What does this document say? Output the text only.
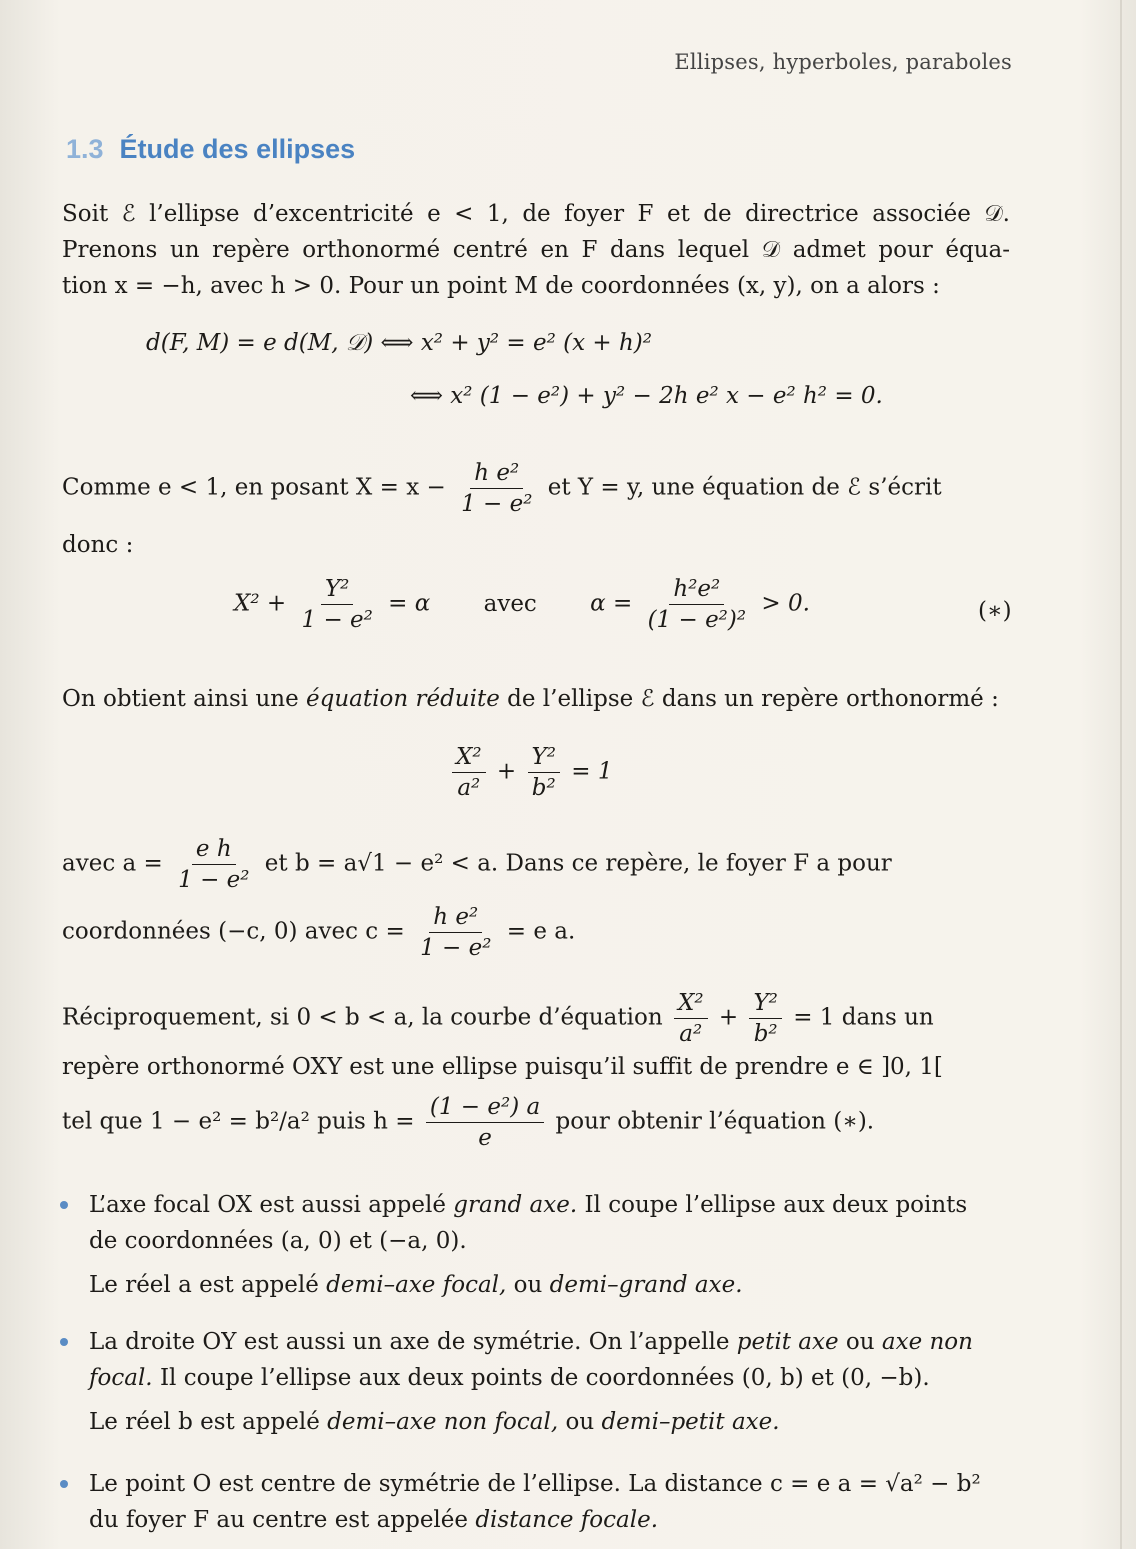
Ellipses, hyperboles, paraboles
1.3 Étude des ellipses
Soit ℰ l’ellipse d’excentricité e < 1, de foyer F et de directrice associée 𝒟.
Prenons un repère orthonormé centré en F dans lequel 𝒟 admet pour équa-
tion x = −h, avec h > 0. Pour un point M de coordonnées (x, y), on a alors :
d(F, M) = e d(M, 𝒟) ⟺ x² + y² = e² (x + h)²
⟺ x² (1 − e²) + y² − 2h e² x − e² h² = 0.
Comme e < 1, en posant $X = x - \frac{\text{h e²}}{\text{1 − e²}}$ et Y = y, une équation de ℰ s’écrit
donc :
$X^2 + \frac{\text{Y²}}{\text{1 − e²}} = \alpha$ avec $\alpha = \frac{\text{h²e²}}{\text{(1 − e²)²}} > 0$.	(∗)
On obtient ainsi une équation réduite de l’ellipse ℰ dans un repère orthonormé :
$\frac{\text{X²}}{\text{a²}} + \frac{\text{Y²}}{\text{b²}} = 1$
avec $a = \frac{\text{e h}}{\text{1 − e²}}$ et b = a√1 − e² < a. Dans ce repère, le foyer F a pour
coordonnées (−c, 0) avec $c = \frac{\text{h e²}}{\text{1 − e²}} = e$ a.
Réciproquement, si 0 < b < a, la courbe d’équation $\frac{\text{X²}}{\text{a²}} + \frac{\text{Y²}}{\text{b²}} = 1$ dans un
repère orthonormé OXY est une ellipse puisqu’il suffit de prendre e ∈ ]0, 1[
tel que 1 − e² = b²/a² puis $h = \frac{\text{(1 − e²) a}}{e}$ pour obtenir l’équation (∗).
L’axe focal OX est aussi appelé grand axe. Il coupe l’ellipse aux deux points
de coordonnées (a, 0) et (−a, 0).
Le réel a est appelé demi–axe focal, ou demi–grand axe.
La droite OY est aussi un axe de symétrie. On l’appelle petit axe ou axe non
focal. Il coupe l’ellipse aux deux points de coordonnées (0, b) et (0, −b).
Le réel b est appelé demi–axe non focal, ou demi–petit axe.
Le point O est centre de symétrie de l’ellipse. La distance c = e a = √a² − b²
du foyer F au centre est appelée distance focale.
